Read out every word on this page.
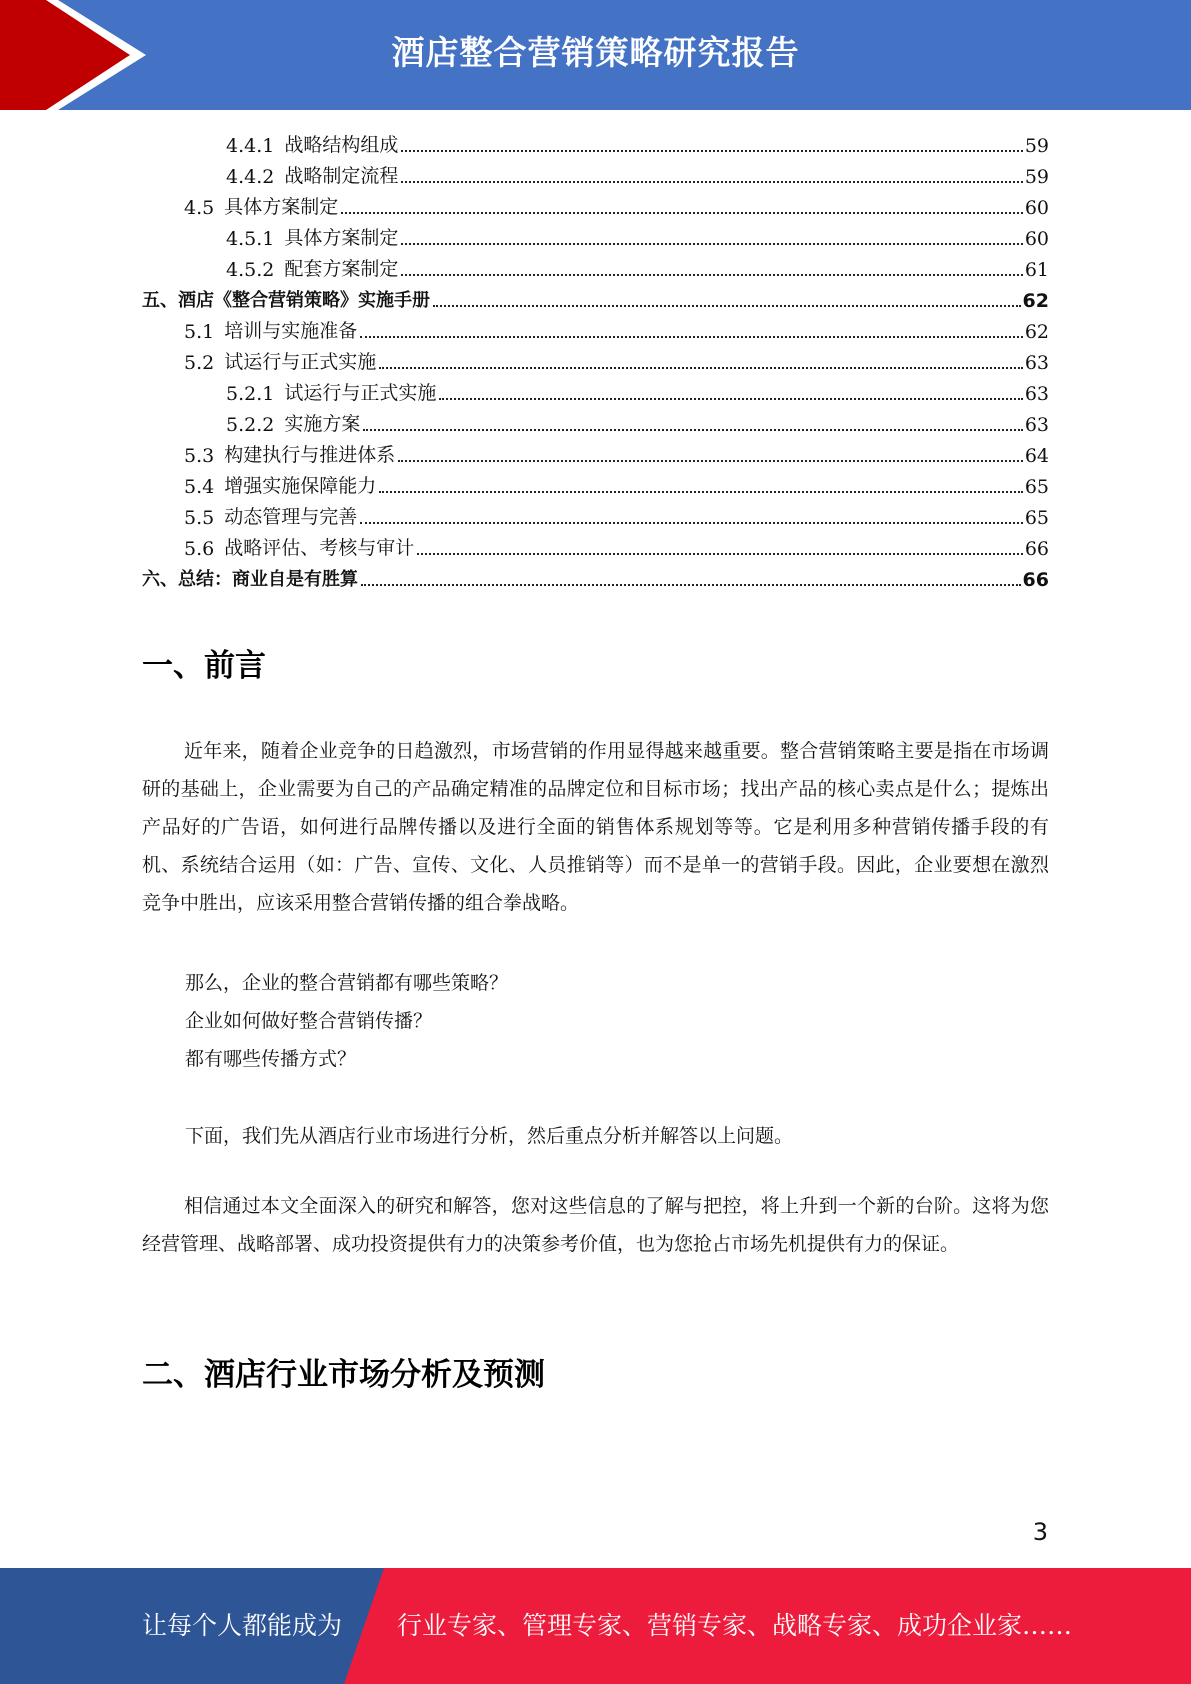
酒店整合营销策略研究报告
4.4.1 战略结构组成	59
4.4.2 战略制定流程	59
4.5 具体方案制定	60
4.5.1 具体方案制定	60
4.5.2 配套方案制定	61
五、 酒店《整合营销策略》实施手册	62
5.1 培训与实施准备	62
5.2 试运行与正式实施	63
5.2.1 试运行与正式实施	63
5.2.2 实施方案	63
5.3 构建执行与推进体系	64
5.4 增强实施保障能力	65
5.5 动态管理与完善	65
5.6 战略评估、考核与审计	66
六、 总结：商业自是有胜算	66
一、前言

近年来，随着企业竞争的日趋激烈，市场营销的作用显得越来越重要。整合营销策略主要是指在市场调研的基础上，企业需要为自己的产品确定精准的品牌定位和目标市场；找出产品的核心卖点是什么；提炼出产品好的广告语，如何进行品牌传播以及进行全面的销售体系规划等等。它是利用多种营销传播手段的有机、系统结合运用（如：广告、宣传、文化、人员推销等）而不是单一的营销手段。因此，企业要想在激烈竞争中胜出，应该采用整合营销传播的组合拳战略。

那么，企业的整合营销都有哪些策略？

企业如何做好整合营销传播？

都有哪些传播方式？

下面，我们先从酒店行业市场进行分析，然后重点分析并解答以上问题。

相信通过本文全面深入的研究和解答，您对这些信息的了解与把控，将上升到一个新的台阶。这将为您经营管理、战略部署、成功投资提供有力的决策参考价值，也为您抢占市场先机提供有力的保证。

二、酒店行业市场分析及预测
3
让每个人都能成为 行业专家、管理专家、营销专家、战略专家、成功企业家……
